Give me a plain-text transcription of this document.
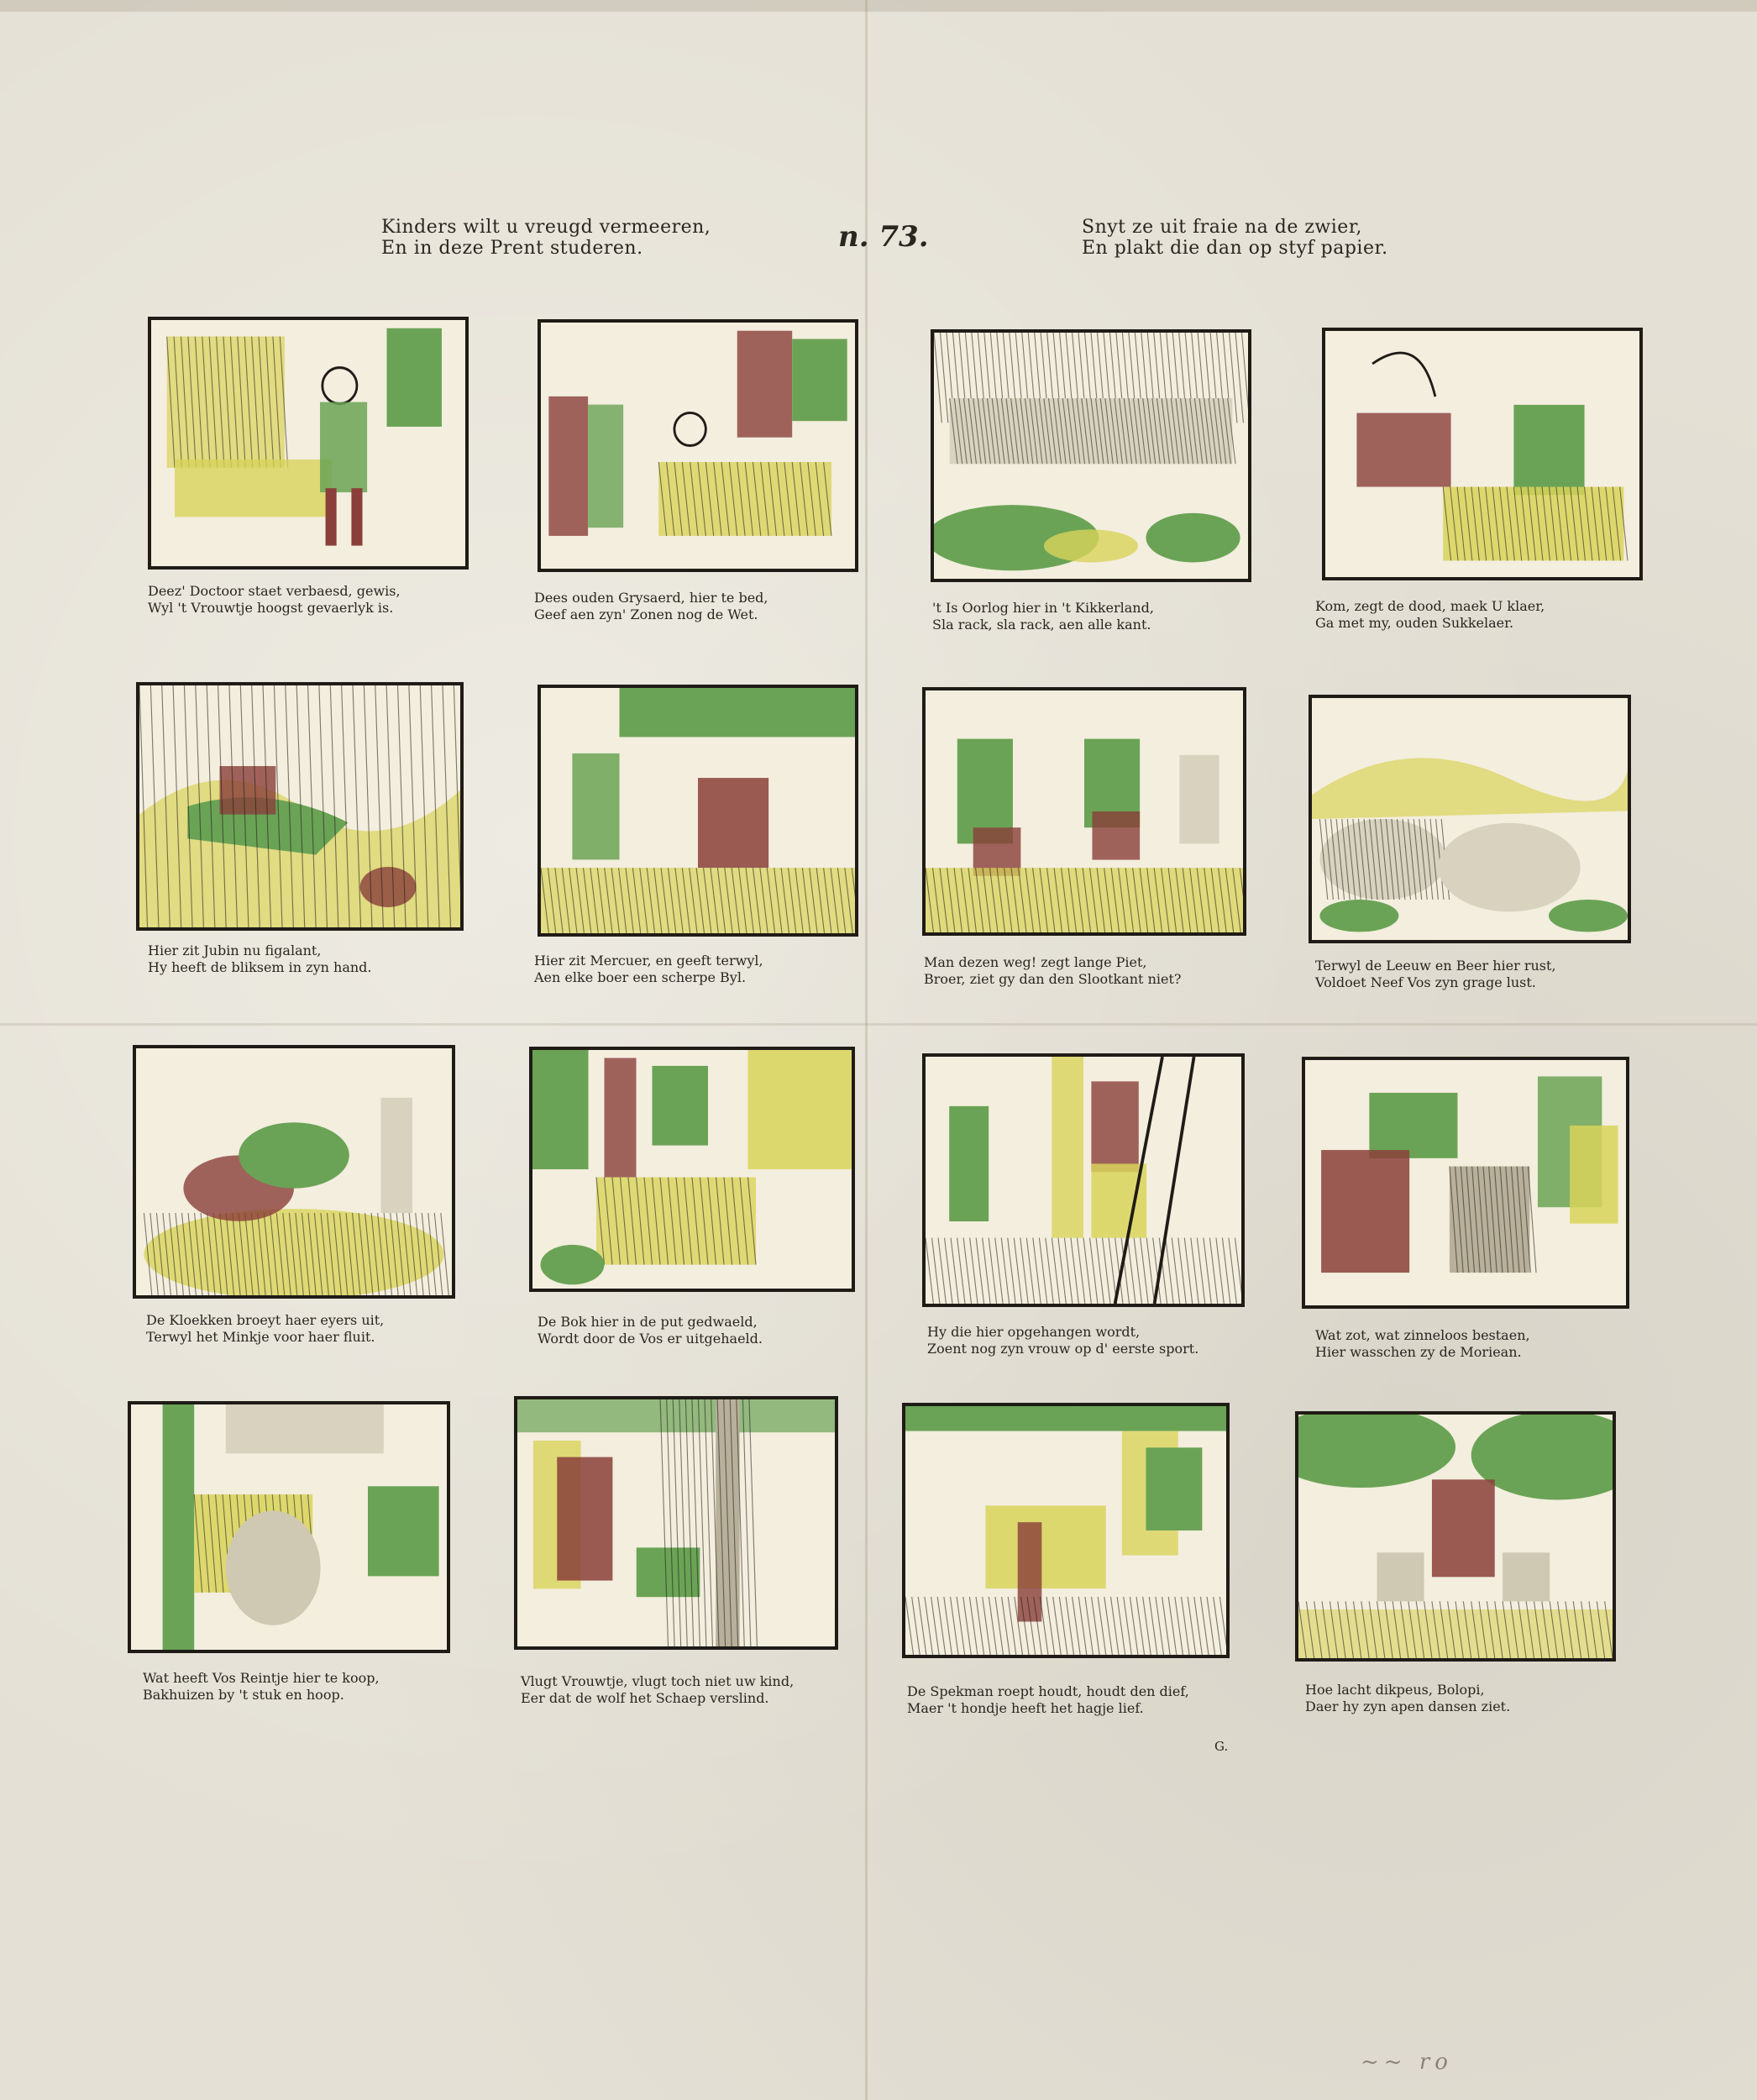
Kinders wilt u vreugd vermeeren,
En in deze Prent studeren.	n. 73.	Snyt ze uit fraie na de zwier,
En plakt die dan op styf papier.
Deez' Doctoor staet verbaesd, gewis,
Wyl 't Vrouwtje hoogst gevaerlyk is.
Dees ouden Grysaerd, hier te bed,
Geef aen zyn' Zonen nog de Wet.	't Is Oorlog hier in 't Kikkerland,
Sla rack, sla rack, aen alle kant.
Kom, zegt de dood, maek U klaer,
Ga met my, ouden Sukkelaer.
Hier zit Jubin nu figalant,
Hy heeft de bliksem in zyn hand.	Hier zit Mercuer, en geeft terwyl,
Aen elke boer een scherpe Byl.
Man dezen weg! zegt lange Piet,
Broer, ziet gy dan den Slootkant niet?
Terwyl de Leeuw en Beer hier rust,
Voldoet Neef Vos zyn grage lust.
De Kloekken broeyt haer eyers uit,
Terwyl het Minkje voor haer fluit.
De Bok hier in de put gedwaeld,
Wordt door de Vos er uitgehaeld.	Hy die hier opgehangen wordt,
Zoent nog zyn vrouw op d' eerste sport.
Wat zot, wat zinneloos bestaen,
Hier wasschen zy de Moriean.
Wat heeft Vos Reintje hier te koop,
Bakhuizen by 't stuk en hoop.
Vlugt Vrouwtje, vlugt toch niet uw kind,
Eer dat de wolf het Schaep verslind.	De Spekman roept houdt, houdt den dief,
Maer 't hondje heeft het hagje lief.
Hoe lacht dikpeus, Bolopi,
Daer hy zyn apen dansen ziet.
G.
~~ ro
